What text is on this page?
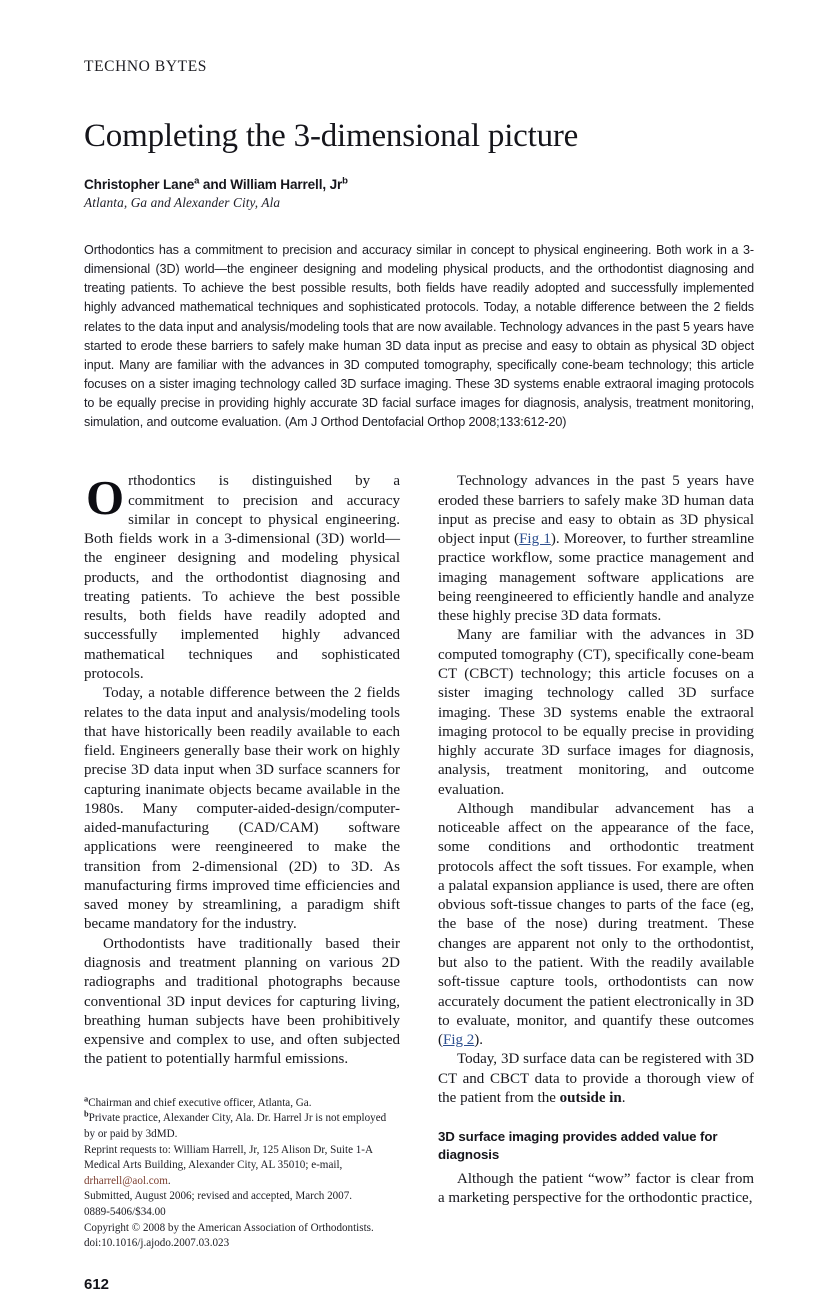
TECHNO BYTES
Completing the 3-dimensional picture
Christopher Lane$^a$ and William Harrell, Jr$^b$
Atlanta, Ga and Alexander City, Ala
Orthodontics has a commitment to precision and accuracy similar in concept to physical engineering. Both work in a 3-dimensional (3D) world—the engineer designing and modeling physical products, and the orthodontist diagnosing and treating patients. To achieve the best possible results, both fields have readily adopted and successfully implemented highly advanced mathematical techniques and sophisticated protocols. Today, a notable difference between the 2 fields relates to the data input and analysis/modeling tools that are now available. Technology advances in the past 5 years have started to erode these barriers to safely make human 3D data input as precise and easy to obtain as physical 3D object input. Many are familiar with the advances in 3D computed tomography, specifically cone-beam technology; this article focuses on a sister imaging technology called 3D surface imaging. These 3D systems enable extraoral imaging protocols to be equally precise in providing highly accurate 3D facial surface images for diagnosis, analysis, treatment monitoring, simulation, and outcome evaluation. (Am J Orthod Dentofacial Orthop 2008;133:612-20)

Orthodontics is distinguished by a commitment to precision and accuracy similar in concept to physical engineering. Both fields work in a 3-dimensional (3D) world—the engineer designing and modeling physical products, and the orthodontist diagnosing and treating patients. To achieve the best possible results, both fields have readily adopted and successfully implemented highly advanced mathematical techniques and sophisticated protocols.

Today, a notable difference between the 2 fields relates to the data input and analysis/modeling tools that have historically been readily available to each field. Engineers generally base their work on highly precise 3D data input when 3D surface scanners for capturing inanimate objects became available in the 1980s. Many computer-aided-design/computer-aided-manufacturing (CAD/CAM) software applications were reengineered to make the transition from 2-dimensional (2D) to 3D. As manufacturing firms improved time efficiencies and saved money by streamlining, a paradigm shift became mandatory for the industry.

Orthodontists have traditionally based their diagnosis and treatment planning on various 2D radiographs and traditional photographs because conventional 3D input devices for capturing living, breathing human subjects have been prohibitively expensive and complex to use, and often subjected the patient to potentially harmful emissions.

$^a$Chairman and chief executive officer, Atlanta, Ga.

$^b$Private practice, Alexander City, Ala. Dr. Harrel Jr is not employed by or paid by 3dMD.

Reprint requests to: William Harrell, Jr, 125 Alison Dr, Suite 1-A Medical Arts Building, Alexander City, AL 35010; e-mail, drharrell@aol.com.

Submitted, August 2006; revised and accepted, March 2007.

0889-5406/$34.00

Copyright © 2008 by the American Association of Orthodontists.

doi:10.1016/j.ajodo.2007.03.023

612

Technology advances in the past 5 years have eroded these barriers to safely make 3D human data input as precise and easy to obtain as 3D physical object input (Fig 1). Moreover, to further streamline practice workflow, some practice management and imaging management software applications are being reengineered to efficiently handle and analyze these highly precise 3D data formats.

Many are familiar with the advances in 3D computed tomography (CT), specifically cone-beam CT (CBCT) technology; this article focuses on a sister imaging technology called 3D surface imaging. These 3D systems enable the extraoral imaging protocol to be equally precise in providing highly accurate 3D surface images for diagnosis, analysis, treatment monitoring, and outcome evaluation.

Although mandibular advancement has a noticeable affect on the appearance of the face, some conditions and orthodontic treatment protocols affect the soft tissues. For example, when a palatal expansion appliance is used, there are often obvious soft-tissue changes to parts of the face (eg, the base of the nose) during treatment. These changes are apparent not only to the orthodontist, but also to the patient. With the readily available soft-tissue capture tools, orthodontists can now accurately document the patient electronically in 3D to evaluate, monitor, and quantify these outcomes (Fig 2).

Today, 3D surface data can be registered with 3D CT and CBCT data to provide a thorough view of the patient from the outside in.

3D surface imaging provides added value for diagnosis

Although the patient “wow” factor is clear from a marketing perspective for the orthodontic practice,
